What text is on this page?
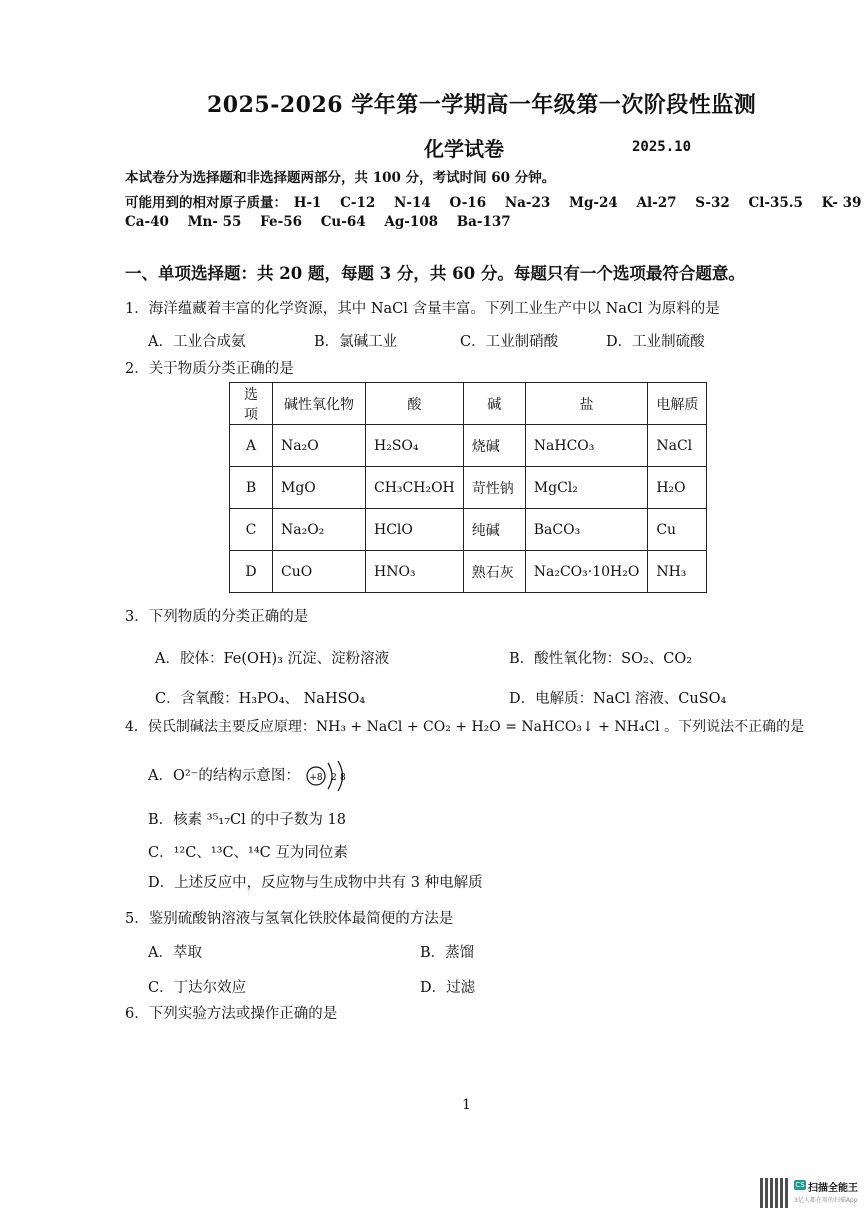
2025-2026 学年第一学期高一年级第一次阶段性监测
化学试卷	2025.10
本试卷分为选择题和非选择题两部分，共 100 分，考试时间 60 分钟。
可能用到的相对原子质量： H-1 C-12 N-14 O-16 Na-23 Mg-24 Al-27 S-32 Cl-35.5 K- 39
Ca-40 Mn- 55 Fe-56 Cu-64 Ag-108 Ba-137
一、单项选择题：共 20 题，每题 3 分，共 60 分。每题只有一个选项最符合题意。
1．海洋蕴藏着丰富的化学资源，其中 NaCl 含量丰富。下列工业生产中以 NaCl 为原料的是
A．工业合成氨	B．氯碱工业	C．工业制硝酸	D．工业制硫酸
2．关于物质分类正确的是
选项	碱性氧化物	酸	碱	盐	电解质
A	Na₂O	H₂SO₄	烧碱	NaHCO₃	NaCl
B	MgO	CH₃CH₂OH	苛性钠	MgCl₂	H₂O
C	Na₂O₂	HClO	纯碱	BaCO₃	Cu
D	CuO	HNO₃	熟石灰	Na₂CO₃·10H₂O	NH₃
3．下列物质的分类正确的是
A．胶体：Fe(OH)₃ 沉淀、淀粉溶液	B．酸性氧化物：SO₂、CO₂
C．含氧酸：H₃PO₄、 NaHSO₄	D．电解质：NaCl 溶液、CuSO₄
4．侯氏制碱法主要反应原理：NH₃ + NaCl + CO₂ + H₂O = NaHCO₃↓ + NH₄Cl 。下列说法不正确的是
A．O²⁻的结构示意图： +8 2 8
B．核素 ³⁵₁₇Cl 的中子数为 18
C．¹²C、¹³C、¹⁴C 互为同位素
D．上述反应中，反应物与生成物中共有 3 种电解质
5．鉴别硫酸钠溶液与氢氧化铁胶体最简便的方法是
A．萃取	B．蒸馏
C．丁达尔效应	D．过滤
6．下列实验方法或操作正确的是
1
CS 扫描全能王
3亿人都在用的扫描App
